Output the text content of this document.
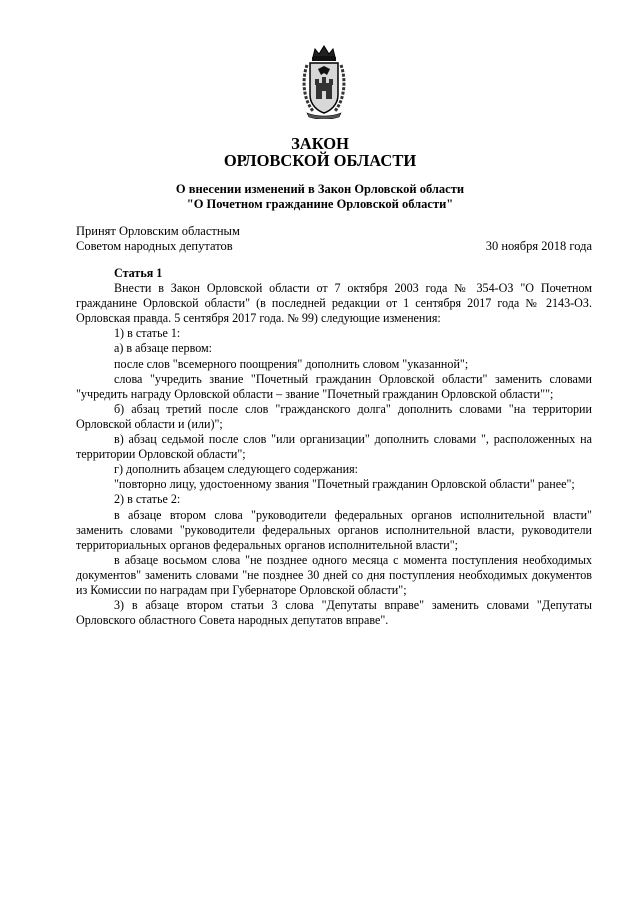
ЗАКОН
ОРЛОВСКОЙ ОБЛАСТИ
О внесении изменений в Закон Орловской области
"О Почетном гражданине Орловской области"
Принят Орловским областным
Советом народных депутатов	30 ноября 2018 года

Статья 1

Внести в Закон Орловской области от 7 октября 2003 года № 354-ОЗ "О Почетном гражданине Орловской области" (в последней редакции от 1 сентября 2017 года № 2143-ОЗ. Орловская правда. 5 сентября 2017 года. № 99) следующие изменения:

1) в статье 1:

а) в абзаце первом:

после слов "всемерного поощрения" дополнить словом "указанной";

слова "учредить звание "Почетный гражданин Орловской области" заменить словами "учредить награду Орловской области – звание "Почетный гражданин Орловской области"";

б) абзац третий после слов "гражданского долга" дополнить словами "на территории Орловской области и (или)";

в) абзац седьмой после слов "или организации" дополнить словами ", расположенных на территории Орловской области";

г) дополнить абзацем следующего содержания:

"повторно лицу, удостоенному звания "Почетный гражданин Орловской области" ранее";

2) в статье 2:

в абзаце втором слова "руководители федеральных органов исполнительной власти" заменить словами "руководители федеральных органов исполнительной власти, руководители территориальных органов федеральных органов исполнительной власти";

в абзаце восьмом слова "не позднее одного месяца с момента поступления необходимых документов" заменить словами "не позднее 30 дней со дня поступления необходимых документов из Комиссии по наградам при Губернаторе Орловской области";

3) в абзаце втором статьи 3 слова "Депутаты вправе" заменить словами "Депутаты Орловского областного Совета народных депутатов вправе".
